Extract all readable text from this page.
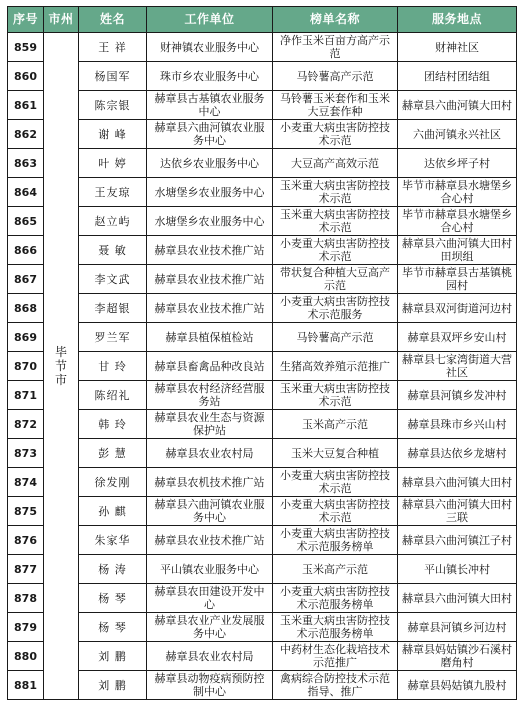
序号	市州	姓名	工作单位	榜单名称	服务地点
859	毕节市	王 祥	财神镇农业服务中心	净作玉米百亩方高产示范	财神社区
860		杨国军	珠市乡农业服务中心	马铃薯高产示范	团结村团结组
861		陈宗银	赫章县古基镇农业服务中心	马铃薯玉米套作和玉米大豆套作种	赫章县六曲河镇大田村
862		谢 峰	赫章县六曲河镇农业服务中心	小麦重大病虫害防控技术示范	六曲河镇永兴社区
863		叶 婷	达依乡农业服务中心	大豆高产高效示范	达依乡坪子村
864		王友琼	水塘堡乡农业服务中心	玉米重大病虫害防控技术示范	毕节市赫章县水塘堡乡合心村
865		赵立屿	水塘堡乡农业服务中心	玉米重大病虫害防控技术示范	毕节市赫章县水塘堡乡合心村
866		聂 敏	赫章县农业技术推广站	小麦重大病虫害防控技术示范	赫章县六曲河镇大田村田坝组
867		李文武	赫章县农业技术推广站	带状复合种植大豆高产示范	毕节市赫章县古基镇桃园村
868		李超银	赫章县农业技术推广站	小麦重大病虫害防控技术示范服务	赫章县双河街道河边村
869		罗兰军	赫章县植保植检站	马铃薯高产示范	赫章县双坪乡安山村
870		甘 玲	赫章县畜禽品种改良站	生猪高效养殖示范推广	赫章县七家湾街道大营社区
871		陈绍礼	赫章县农村经济经营服务站	玉米重大病虫害防控技术示范	赫章县河镇乡发冲村
872		韩 玲	赫章县农业生态与资源保护站	玉米高产示范	赫章县珠市乡兴山村
873		彭 慧	赫章县农业农村局	玉米大豆复合种植	赫章县达依乡龙塘村
874		徐发刚	赫章县农机技术推广站	小麦重大病虫害防控技术示范	赫章县六曲河镇大田村
875		孙 麒	赫章县六曲河镇农业服务中心	小麦重大病虫害防控技术示范	赫章县六曲河镇大田村三联
876		朱家华	赫章县农业技术推广站	小麦重大病虫害防控技术示范服务榜单	赫章县六曲河镇江子村
877		杨 涛	平山镇农业服务中心	玉米高产示范	平山镇长冲村
878		杨 琴	赫章县农田建设开发中心	小麦重大病虫害防控技术示范服务榜单	赫章县六曲河镇大田村
879		杨 琴	赫章县农业产业发展服务中心	玉米重大病虫害防控技术示范服务榜单	赫章县河镇乡河边村
880		刘 鹏	赫章县农业农村局	中药材生态化栽培技术示范推广	赫章县妈姑镇沙石溪村磨角村
881		刘 鹏	赫章县动物疫病预防控制中心	禽病综合防控技术示范指导、推广	赫章县妈姑镇九股村
